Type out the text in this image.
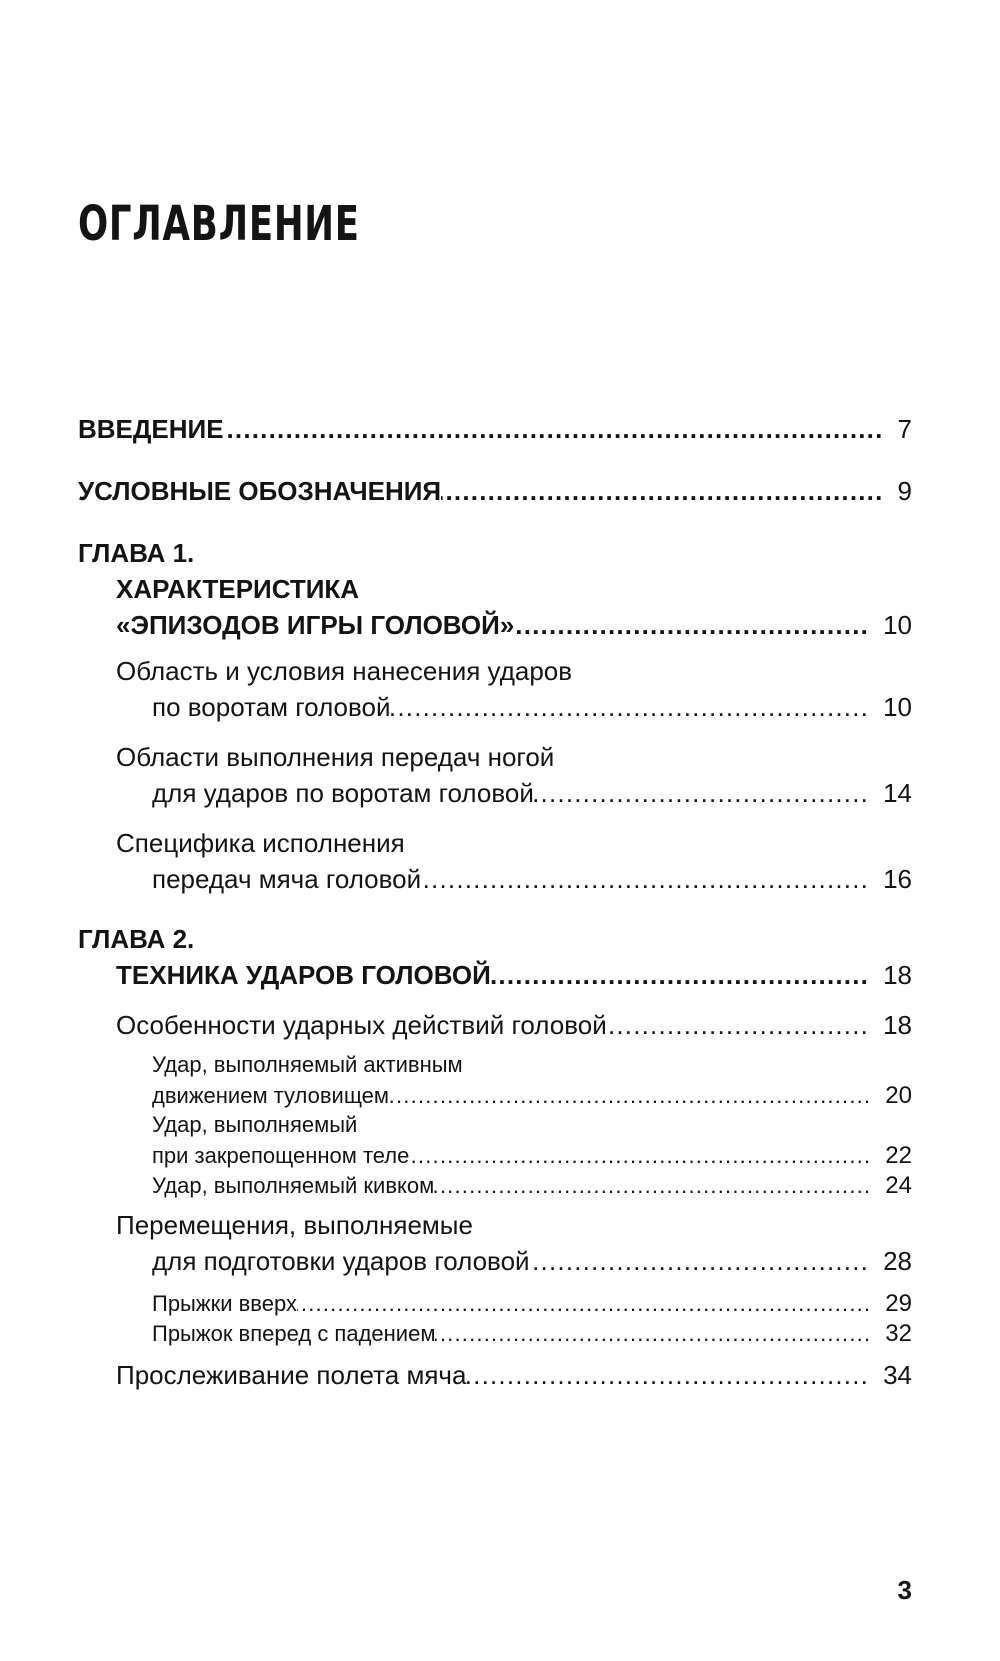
ОГЛАВЛЕНИЕ
ВВЕДЕНИЕ .....	7
УСЛОВНЫЕ ОБОЗНАЧЕНИЯ .....	9
ГЛАВА 1.
ХАРАКТЕРИСТИКА
«ЭПИЗОДОВ ИГРЫ ГОЛОВОЙ» .....	10
Область и условия нанесения ударов
по воротам головой .....	10
Области выполнения передач ногой
для ударов по воротам головой .....	14
Специфика исполнения
передач мяча головой .....	16
ГЛАВА 2.
ТЕХНИКА УДАРОВ ГОЛОВОЙ .....	18
Особенности ударных действий головой .....	18
Удар, выполняемый активным
движением туловищем .....	20
Удар, выполняемый
при закрепощенном теле .....	22
Удар, выполняемый кивком .....	24
Перемещения, выполняемые
для подготовки ударов головой .....	28
Прыжки вверх .....	29
Прыжок вперед с падением .....	32
Прослеживание полета мяча .....	34
3
